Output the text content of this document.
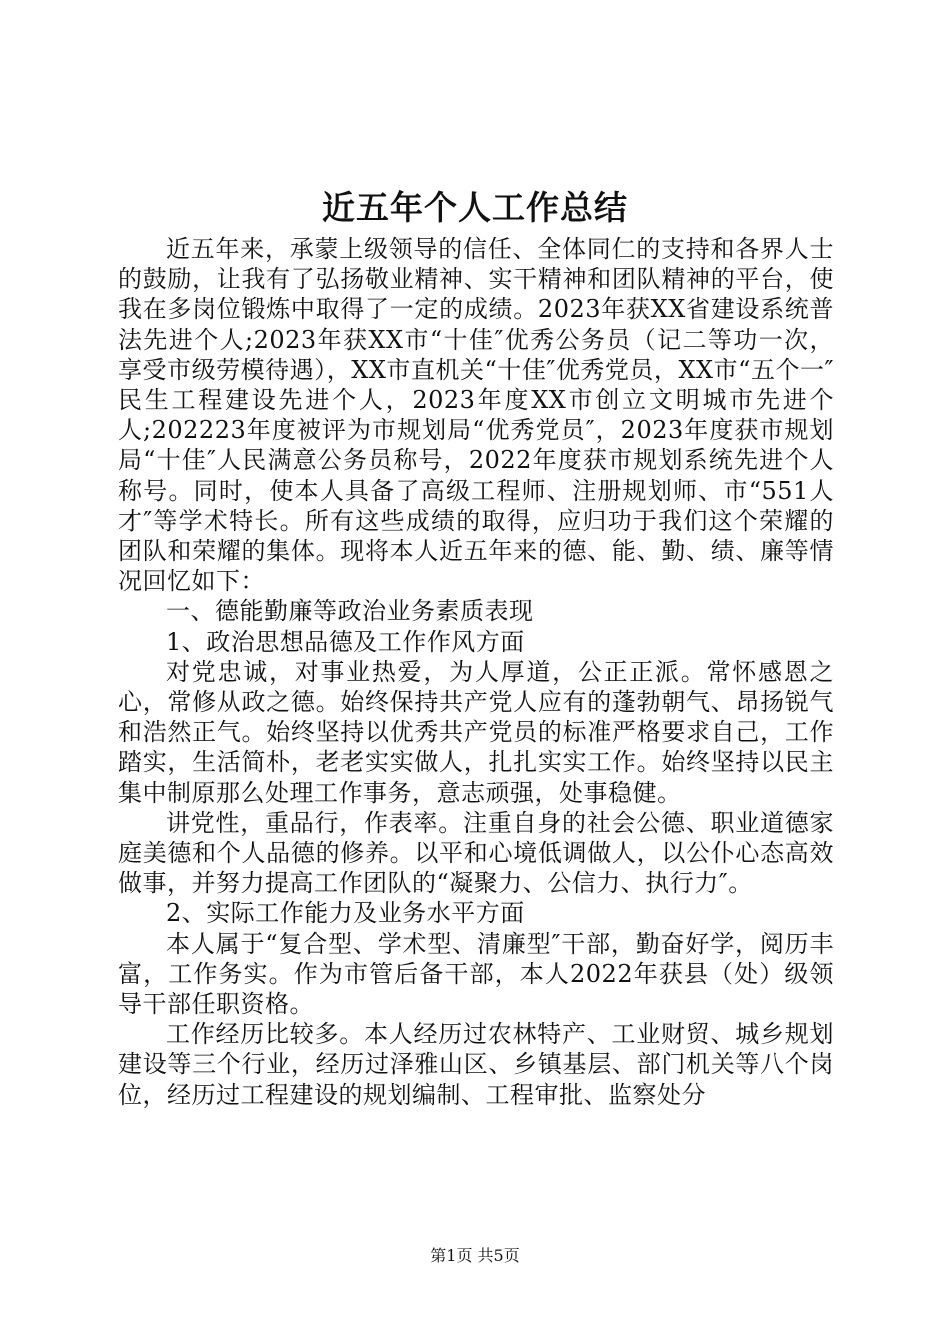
近五年个人工作总结

近五年来，承蒙上级领导的信任、全体同仁的支持和各界人士的鼓励，让我有了弘扬敬业精神、实干精神和团队精神的平台，使我在多岗位锻炼中取得了一定的成绩。2023年获XX省建设系统普法先进个人;2023年获XX市“十佳″优秀公务员（记二等功一次，享受市级劳模待遇），XX市直机关“十佳″优秀党员，XX市“五个一″民生工程建设先进个人，2023年度XX市创立文明城市先进个人;202223年度被评为市规划局“优秀党员″，2023年度获市规划局“十佳″人民满意公务员称号，2022年度获市规划系统先进个人称号。同时，使本人具备了高级工程师、注册规划师、市“551人才″等学术特长。所有这些成绩的取得，应归功于我们这个荣耀的团队和荣耀的集体。现将本人近五年来的德、能、勤、绩、廉等情况回忆如下：

一、德能勤廉等政治业务素质表现

1、政治思想品德及工作作风方面

对党忠诚，对事业热爱，为人厚道，公正正派。常怀感恩之心，常修从政之德。始终保持共产党人应有的蓬勃朝气、昂扬锐气和浩然正气。始终坚持以优秀共产党员的标准严格要求自己，工作踏实，生活简朴，老老实实做人，扎扎实实工作。始终坚持以民主集中制原那么处理工作事务，意志顽强，处事稳健。

讲党性，重品行，作表率。注重自身的社会公德、职业道德家庭美德和个人品德的修养。以平和心境低调做人，以公仆心态高效做事，并努力提高工作团队的“凝聚力、公信力、执行力″。

2、实际工作能力及业务水平方面

本人属于“复合型、学术型、清廉型″干部，勤奋好学，阅历丰富，工作务实。作为市管后备干部，本人2022年获县（处）级领导干部任职资格。

工作经历比较多。本人经历过农林特产、工业财贸、城乡规划建设等三个行业，经历过泽雅山区、乡镇基层、部门机关等八个岗位，经历过工程建设的规划编制、工程审批、监察处分

第1页 共5页
